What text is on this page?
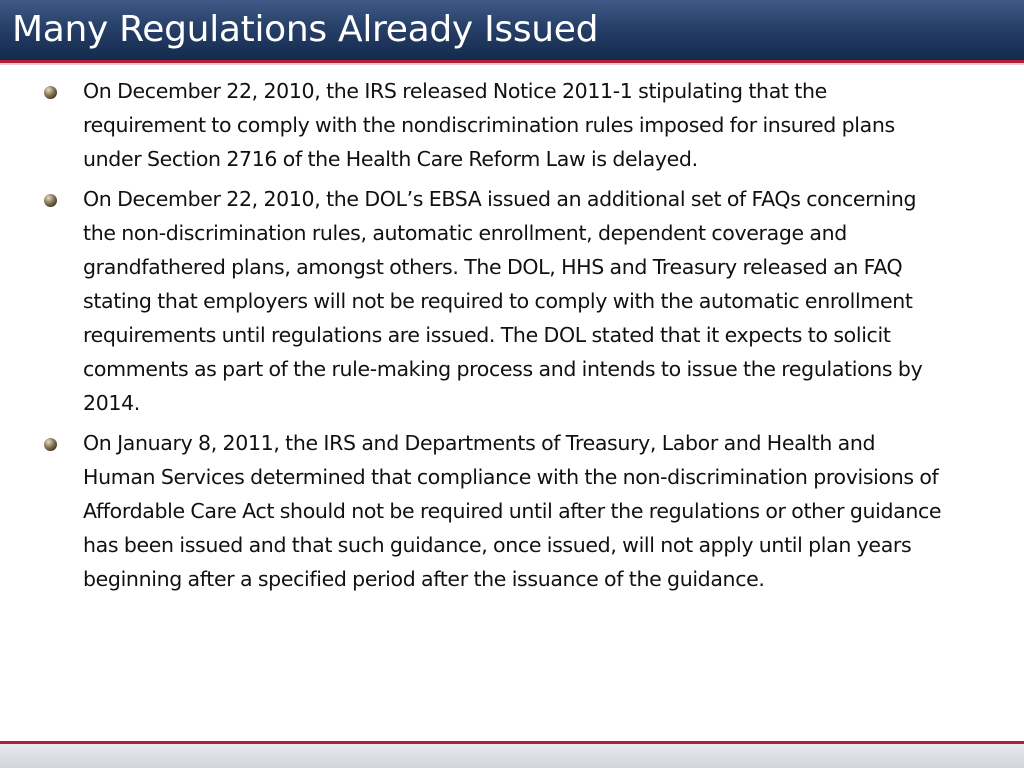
Many Regulations Already Issued
On December 22, 2010, the IRS released Notice 2011-1 stipulating that the requirement to comply with the nondiscrimination rules imposed for insured plans under Section 2716 of the Health Care Reform Law is delayed.
On December 22, 2010, the DOL’s EBSA issued an additional set of FAQs concerning the non-discrimination rules, automatic enrollment, dependent coverage and grandfathered plans, amongst others. The DOL, HHS and Treasury released an FAQ stating that employers will not be required to comply with the automatic enrollment requirements until regulations are issued. The DOL stated that it expects to solicit comments as part of the rule-making process and intends to issue the regulations by 2014.
On January 8, 2011, the IRS and Departments of Treasury, Labor and Health and Human Services determined that compliance with the non-discrimination provisions of Affordable Care Act should not be required until after the regulations or other guidance has been issued and that such guidance, once issued, will not apply until plan years beginning after a specified period after the issuance of the guidance.
